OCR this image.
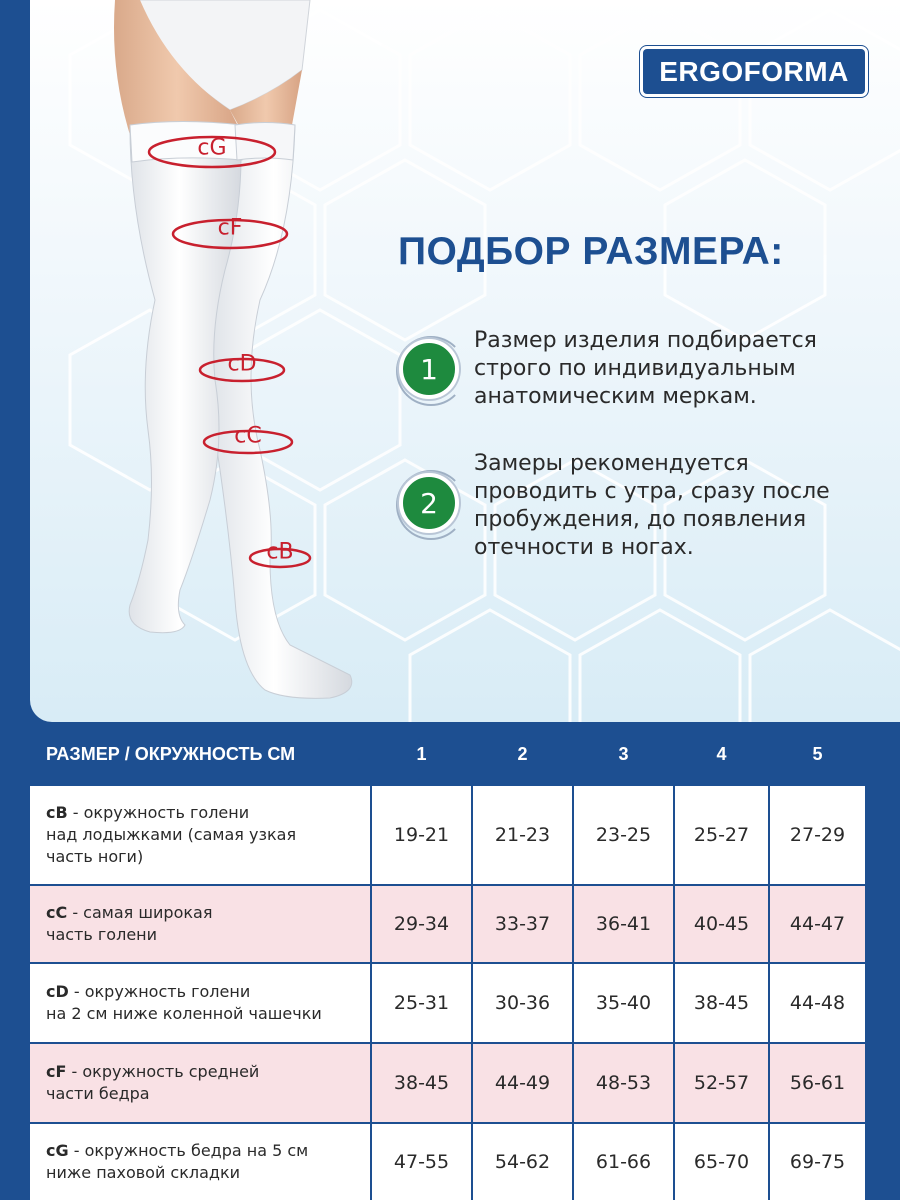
cG
cF
cD
cC
cB
ERGOFORMA
ПОДБОР РАЗМЕРА:
1
Размер изделия подбирается
строго по индивидуальным
анатомическим меркам.
2
Замеры рекомендуется
проводить с утра, сразу после
пробуждения, до появления
отечности в ногах.
РАЗМЕР / ОКРУЖНОСТЬ СМ	1	2	3	4	5
cB - окружность голени
над лодыжками (самая узкая
часть ноги)
19-21	21-23	23-25	25-27	27-29
cC - самая широкая
часть голени	29-34	33-37	36-41	40-45	44-47
cD - окружность голени
на 2 см ниже коленной чашечки	25-31	30-36	35-40	38-45	44-48
cF - окружность средней
части бедра	38-45	44-49	48-53	52-57	56-61
cG - окружность бедра на 5 см
ниже паховой складки	47-55	54-62	61-66	65-70	69-75
